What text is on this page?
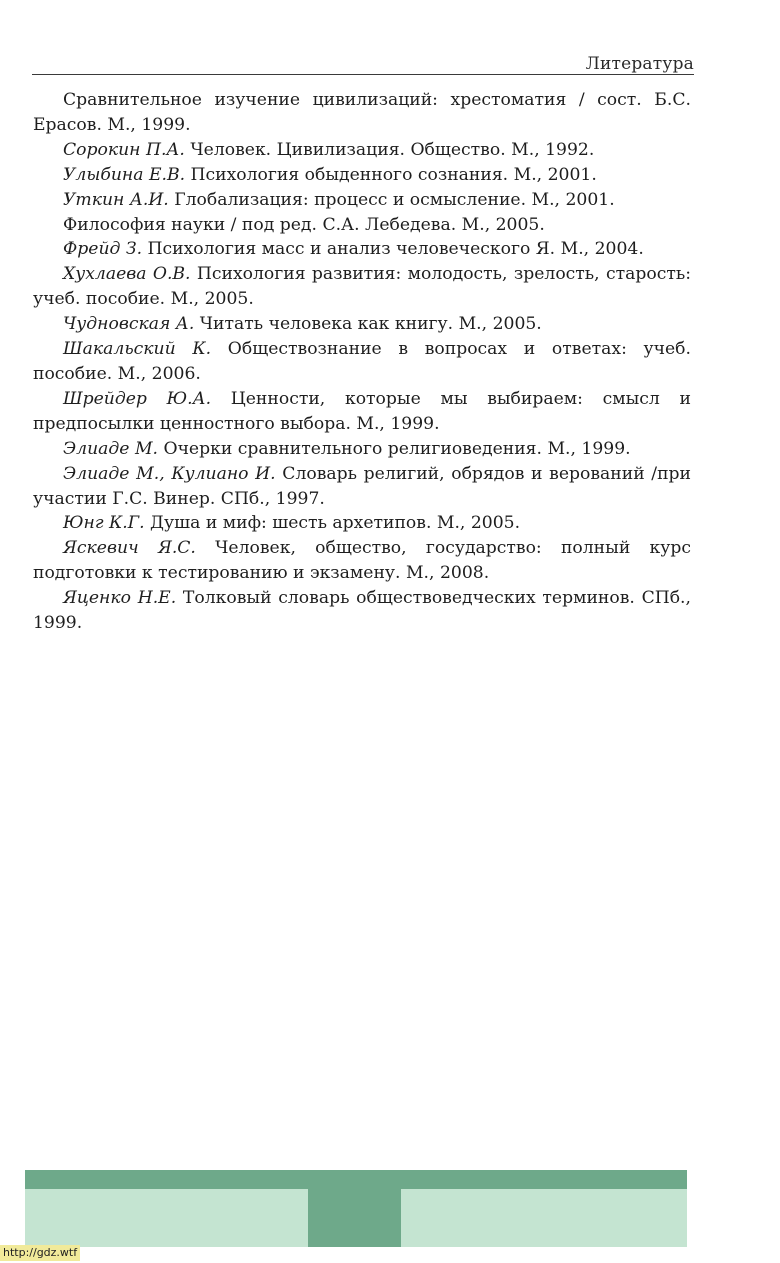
Литература
Сравнительное изучение цивилизаций: хрестоматия / сост. Б.С. Ерасов. М., 1999.
Сорокин П.А. Человек. Цивилизация. Общество. М., 1992.
Улыбина Е.В. Психология обыденного сознания. М., 2001.
Уткин А.И. Глобализация: процесс и осмысление. М., 2001.
Философия науки / под ред. С.А. Лебедева. М., 2005.
Фрейд З. Психология масс и анализ человеческого Я. М., 2004.
Хухлаева О.В. Психология развития: молодость, зрелость, старость: учеб. пособие. М., 2005.
Чудновская А. Читать человека как книгу. М., 2005.
Шакальский К. Обществознание в вопросах и ответах: учеб. пособие. М., 2006.
Шрейдер Ю.А. Ценности, которые мы выбираем: смысл и предпосылки ценностного выбора. М., 1999.
Элиаде М. Очерки сравнительного религиоведения. М., 1999.
Элиаде М., Кулиано И. Словарь религий, обрядов и верований /при участии Г.С. Винер. СПб., 1997.
Юнг К.Г. Душа и миф: шесть архетипов. М., 2005.
Яскевич Я.С. Человек, общество, государство: полный курс подготовки к тестированию и экзамену. М., 2008.
Яценко Н.Е. Толковый словарь обществоведческих терминов. СПб., 1999.
http://gdz.wtf
